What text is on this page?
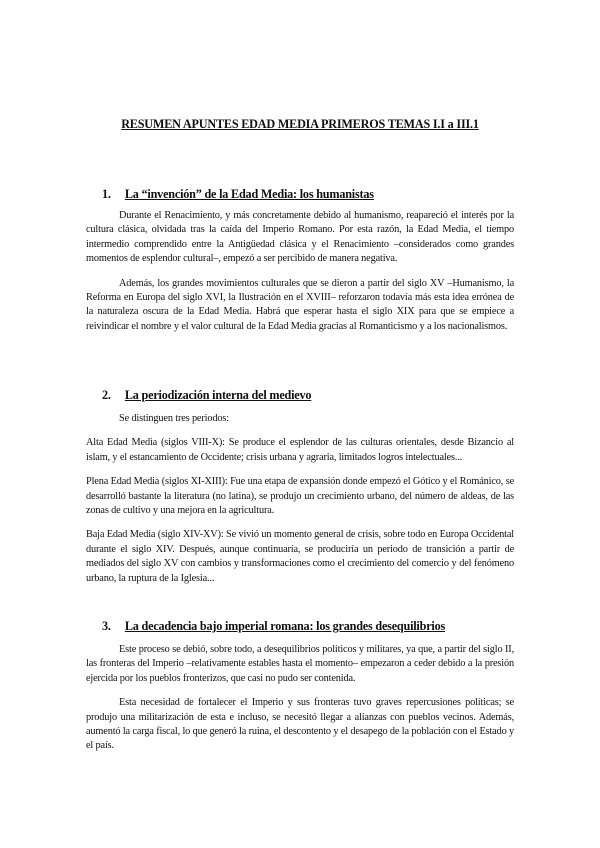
RESUMEN APUNTES EDAD MEDIA PRIMEROS TEMAS I.I a III.1
1. La “invención” de la Edad Media: los humanistas

Durante el Renacimiento, y más concretamente debido al humanismo, reapareció el interés por la cultura clásica, olvidada tras la caída del Imperio Romano. Por esta razón, la Edad Media, el tiempo intermedio comprendido entre la Antigüedad clásica y el Renacimiento –considerados como grandes momentos de esplendor cultural–, empezó a ser percibido de manera negativa.

Además, los grandes movimientos culturales que se dieron a partir del siglo XV –Humanismo, la Reforma en Europa del siglo XVI, la Ilustración en el XVIII– reforzaron todavía más esta idea errónea de la naturaleza oscura de la Edad Media. Habrá que esperar hasta el siglo XIX para que se empiece a reivindicar el nombre y el valor cultural de la Edad Media gracias al Romanticismo y a los nacionalismos.

2. La periodización interna del medievo

Se distinguen tres periodos:

Alta Edad Media (siglos VIII-X): Se produce el esplendor de las culturas orientales, desde Bizancio al islam, y el estancamiento de Occidente; crisis urbana y agraria, limitados logros intelectuales...

Plena Edad Media (siglos XI-XIII): Fue una etapa de expansión donde empezó el Gótico y el Románico, se desarrolló bastante la literatura (no latina), se produjo un crecimiento urbano, del número de aldeas, de las zonas de cultivo y una mejora en la agricultura.

Baja Edad Media (siglo XIV-XV): Se vivió un momento general de crisis, sobre todo en Europa Occidental durante el siglo XIV. Después, aunque continuaría, se produciría un periodo de transición a partir de mediados del siglo XV con cambios y transformaciones como el crecimiento del comercio y del fenómeno urbano, la ruptura de la Iglesia...

3. La decadencia bajo imperial romana: los grandes desequilibrios

Este proceso se debió, sobre todo, a desequilibrios políticos y militares, ya que, a partir del siglo II, las fronteras del Imperio –relativamente estables hasta el momento– empezaron a ceder debido a la presión ejercida por los pueblos fronterizos, que casi no pudo ser contenida.

Esta necesidad de fortalecer el Imperio y sus fronteras tuvo graves repercusiones políticas; se produjo una militarización de esta e incluso, se necesitó llegar a alianzas con pueblos vecinos. Además, aumentó la carga fiscal, lo que generó la ruina, el descontento y el desapego de la población con el Estado y el país.
